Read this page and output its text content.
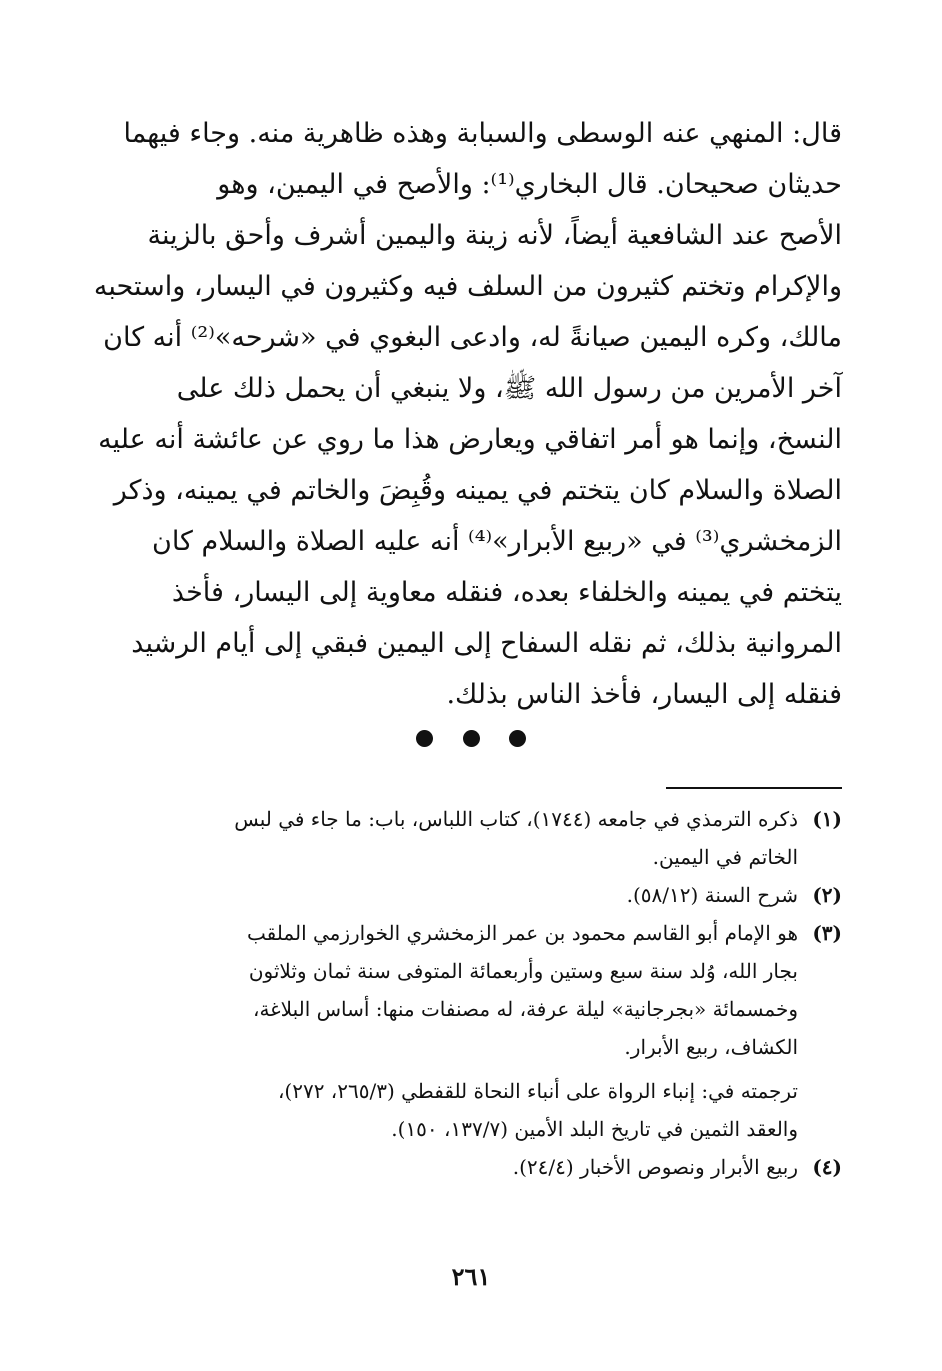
قال: المنهي عنه الوسطى والسبابة وهذه ظاهرية منه. وجاء فيهما
حديثان صحيحان. قال البخاري⁽¹⁾: والأصح في اليمين، وهو
الأصح عند الشافعية أيضاً، لأنه زينة واليمين أشرف وأحق بالزينة
والإكرام وتختم كثيرون من السلف فيه وكثيرون في اليسار، واستحبه
مالك، وكره اليمين صيانةً له، وادعى البغوي في «شرحه»⁽²⁾ أنه كان
آخر الأمرين من رسول الله ﷺ، ولا ينبغي أن يحمل ذلك على
النسخ، وإنما هو أمر اتفاقي ويعارض هذا ما روي عن عائشة أنه عليه
الصلاة والسلام كان يتختم في يمينه وقُبِضَ والخاتم في يمينه، وذكر
الزمخشري⁽³⁾ في «ربيع الأبرار»⁽⁴⁾ أنه عليه الصلاة والسلام كان
يتختم في يمينه والخلفاء بعده، فنقله معاوية إلى اليسار، فأخذ
المروانية بذلك، ثم نقله السفاح إلى اليمين فبقي إلى أيام الرشيد
فنقله إلى اليسار، فأخذ الناس بذلك.

(١)
ذكره الترمذي في جامعه (١٧٤٤)، كتاب اللباس، باب: ما جاء في لبس
الخاتم في اليمين.
(٢)
شرح السنة (٥٨/١٢).
(٣)
هو الإمام أبو القاسم محمود بن عمر الزمخشري الخوارزمي الملقب
بجار الله، وُلد سنة سبع وستين وأربعمائة المتوفى سنة ثمان وثلاثون
وخمسمائة «بجرجانية» ليلة عرفة، له مصنفات منها: أساس البلاغة،
الكشاف، ربيع الأبرار.
ترجمته في: إنباء الرواة على أنباء النحاة للقفطي (٢٦٥/٣، ٢٧٢)،
والعقد الثمين في تاريخ البلد الأمين (١٣٧/٧، ١٥٠).
(٤)
ربيع الأبرار ونصوص الأخبار (٢٤/٤).
٢٦١
